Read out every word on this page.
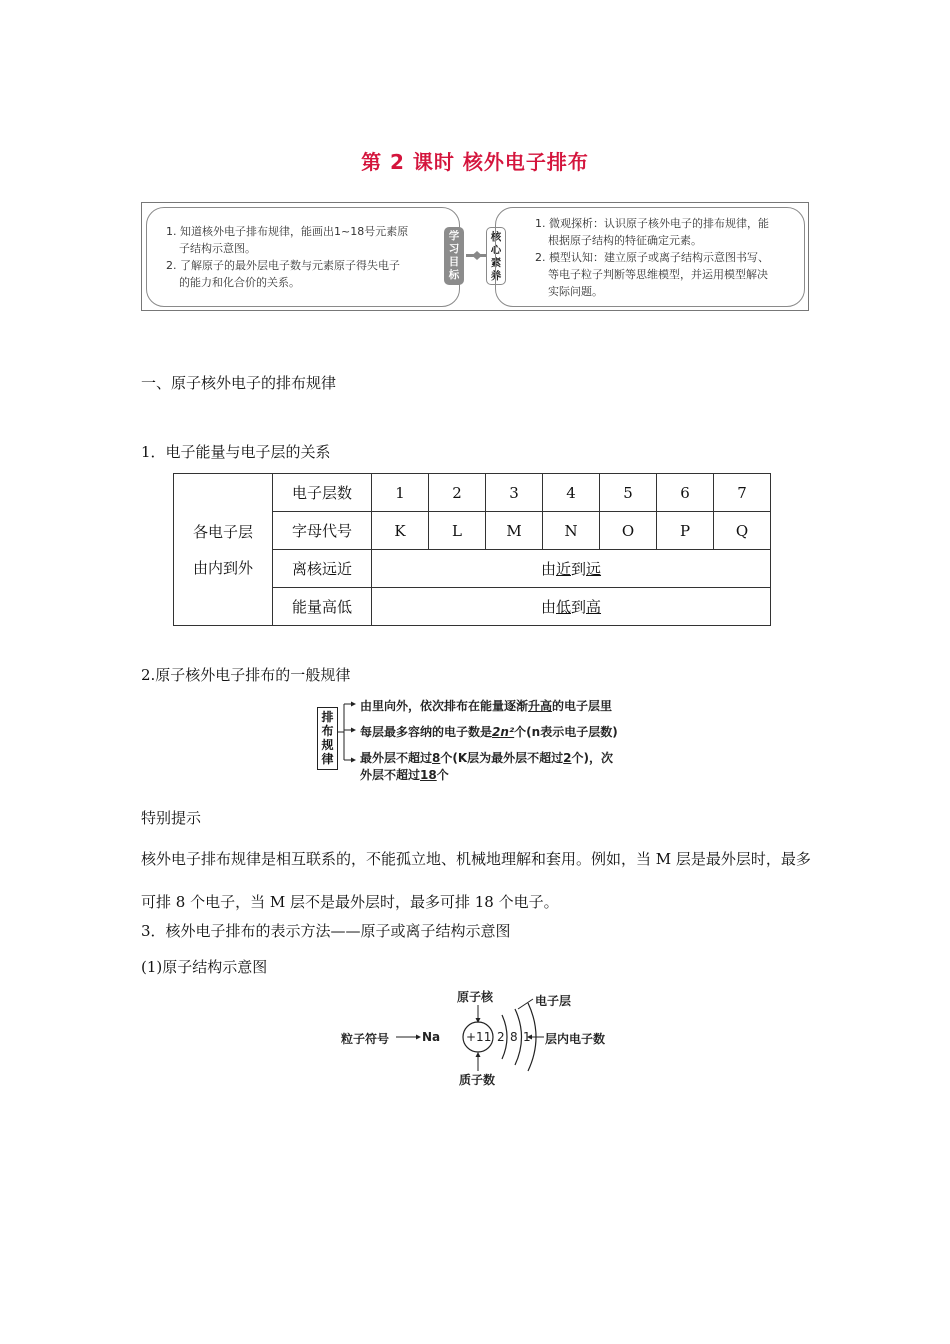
第 2 课时 核外电子排布

1. 知道核外电子排布规律，能画出1~18号元素原

子结构示意图。

2. 了解原子的最外层电子数与元素原子得失电子

的能力和化合价的关系。

学习目标
核心素养

1. 微观探析：认识原子核外电子的排布规律，能

根据原子结构的特征确定元素。

2. 模型认知：建立原子或离子结构示意图书写、

等电子粒子判断等思维模型，并运用模型解决

实际问题。

一、原子核外电子的排布规律
1．电子能量与电子层的关系
各电子层
由内到外	电子层数	1	2	3	4	5	6	7
	字母代号	K	L	M	N	O	P	Q
	离核远近	由近到远						
	能量高低	由低到高						
2.原子核外电子排布的一般规律
排布规律
由里向外，依次排布在能量逐渐升高的电子层里
每层最多容纳的电子数是2n²个(n表示电子层数)
最外层不超过8个(K层为最外层不超过2个)，次
外层不超过18个
特别提示
核外电子排布规律是相互联系的，不能孤立地、机械地理解和套用。例如，当 M 层是最外层时，最多可排 8 个电子，当 M 层不是最外层时，最多可排 18 个电子。
3．核外电子排布的表示方法——原子或离子结构示意图
(1)原子结构示意图
原子核	电子层
粒子符号	Na +11 2 8 1 层内电子数
质子数
